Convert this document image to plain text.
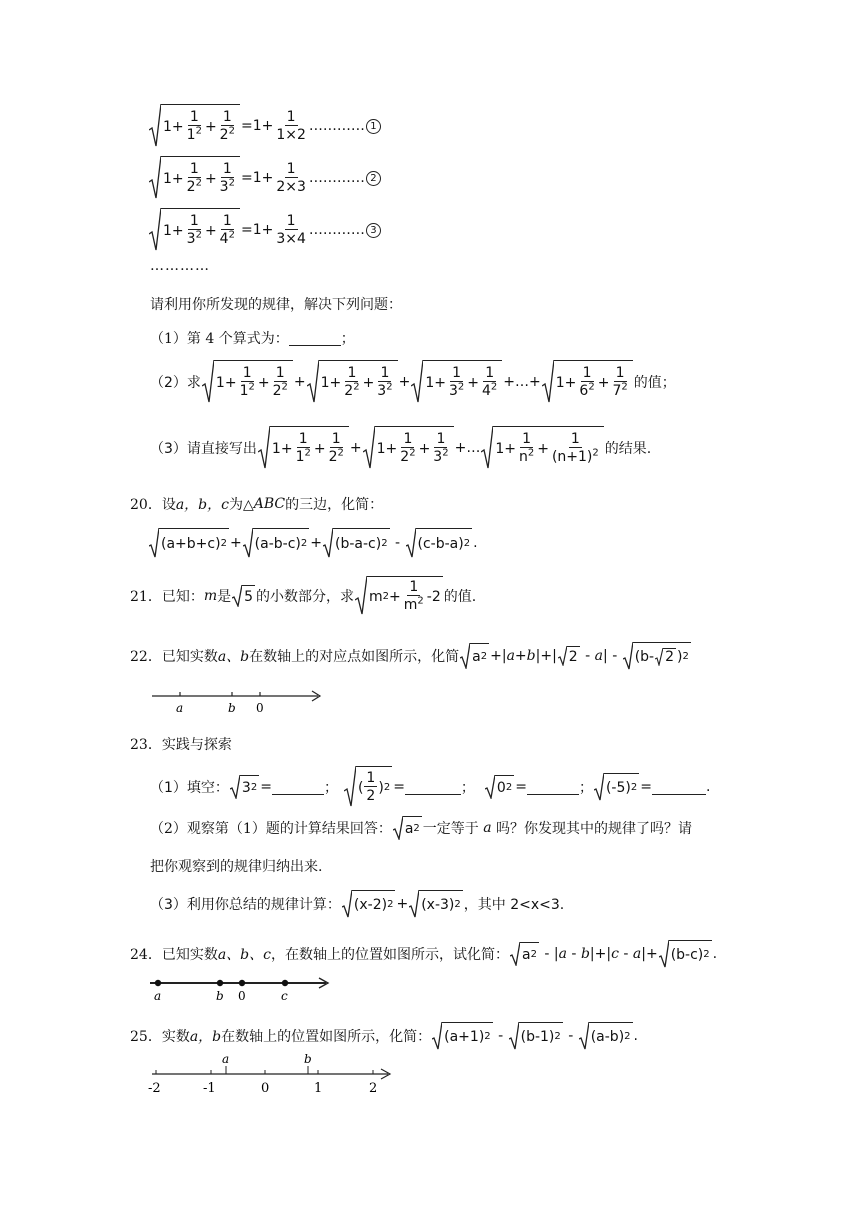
1+
1
$1^2$ +
1
$2^2 =1+ \frac{1}{1\times 2}$ ………… 1
1+
1
$2^2$ +
1
$3^2 =1+ \frac{1}{2\times 3}$ ………… 2
1+
1
$3^2$ +
1
$4^2 =1+ \frac{1}{3\times 4}$ ………… 3
…………
请利用你所发现的规律，解决下列问题：
（1）第 4 个算式为：	；
（2）求 1+
1
$1^2$ +
1
$2^2 + 1+$
1
$2^2$ +
1
$3^2 + 1+$
1
$3^2$ +
1
$4^2$ +…+ 1+
1
$6^2$ +
1
$7^2$ 的值；
（3）请直接写出 1+
1
$1^2$ +
1
$2^2 + 1+$
1
$2^2$ +
1
$3^2$ +… 1+
1
$n^2$ +
1
$(n+1)^2$ 的结果.
20． 设 a，b，c 为△ ABC 的三边，化简：
(a+b+c) 2 + (a-b-c) 2 + (b-a-c) 2 - (c-b-a) 2 .
21． 已知： m 是 5 的小数部分，求 m 2 +
1
$m^2$ -2 的值.
22． 已知实数 a、b 在数轴上的对应点如图所示，化简 a 2 +| a + b |+| 2 - a | - (b- 2 ) 2
a	b 0
23． 实践与探索
（1）填空： 3 2 =	； (
1
2
) 2 =	； 0 2 =	； (-5) 2 =	.
（2）观察第（1）题的计算结果回答： a 2 一定等于 a 吗？你发现其中的规律了吗？请
把你观察到的规律归纳出来.
（3）利用你总结的规律计算： (x-2) 2 + (x-3) 2 ，其中 2<x<3.
24． 已知实数 a、b、c ，在数轴上的位置如图所示，试化简： a 2 - | a - b |+| c - a |+ (b-c) 2 .
a	b 0	c
25． 实数 a，b 在数轴上的位置如图所示，化简： (a+1) 2 - (b-1) 2 - (a-b) 2 .
a	b
-2	-1	0	1	2
